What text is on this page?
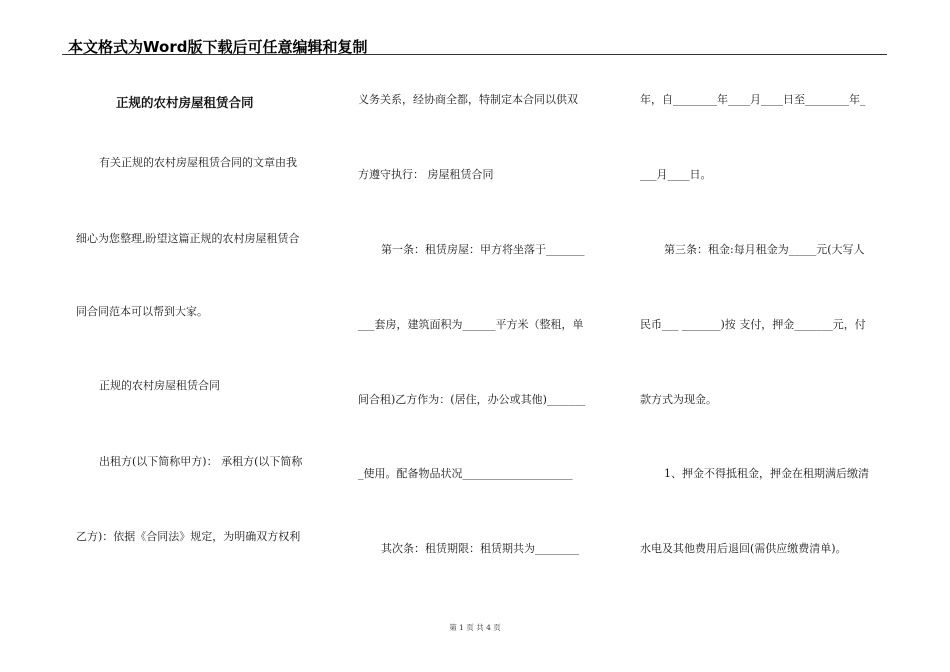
本文格式为Word版下载后可任意编辑和复制
正规的农村房屋租赁合同
有关正规的农村房屋租赁合同的文章由我
细心为您整理,盼望这篇正规的农村房屋租赁合
同合同范本可以帮到大家。
正规的农村房屋租赁合同
出租方(以下简称甲方)： 承租方(以下简称
乙方)：依据《合同法》规定，为明确双方权利
义务关系，经协商全都，特制定本合同以供双
方遵守执行： 房屋租赁合同
第一条：租赁房屋：甲方将坐落于_______
___套房，建筑面积为______平方米（整租，单
间合租)乙方作为：(居住，办公或其他)_______
_使用。配备物品状况____________________
其次条：租赁期限：租赁期共为________
年，自________年____月____日至________年_
___月____日。
第三条：租金:每月租金为_____元(大写人
民币___ _______)按 支付，押金_______元，付
款方式为现金。
1、押金不得抵租金，押金在租期满后缴清
水电及其他费用后退回(需供应缴费清单)。
第 1 页 共 4 页
